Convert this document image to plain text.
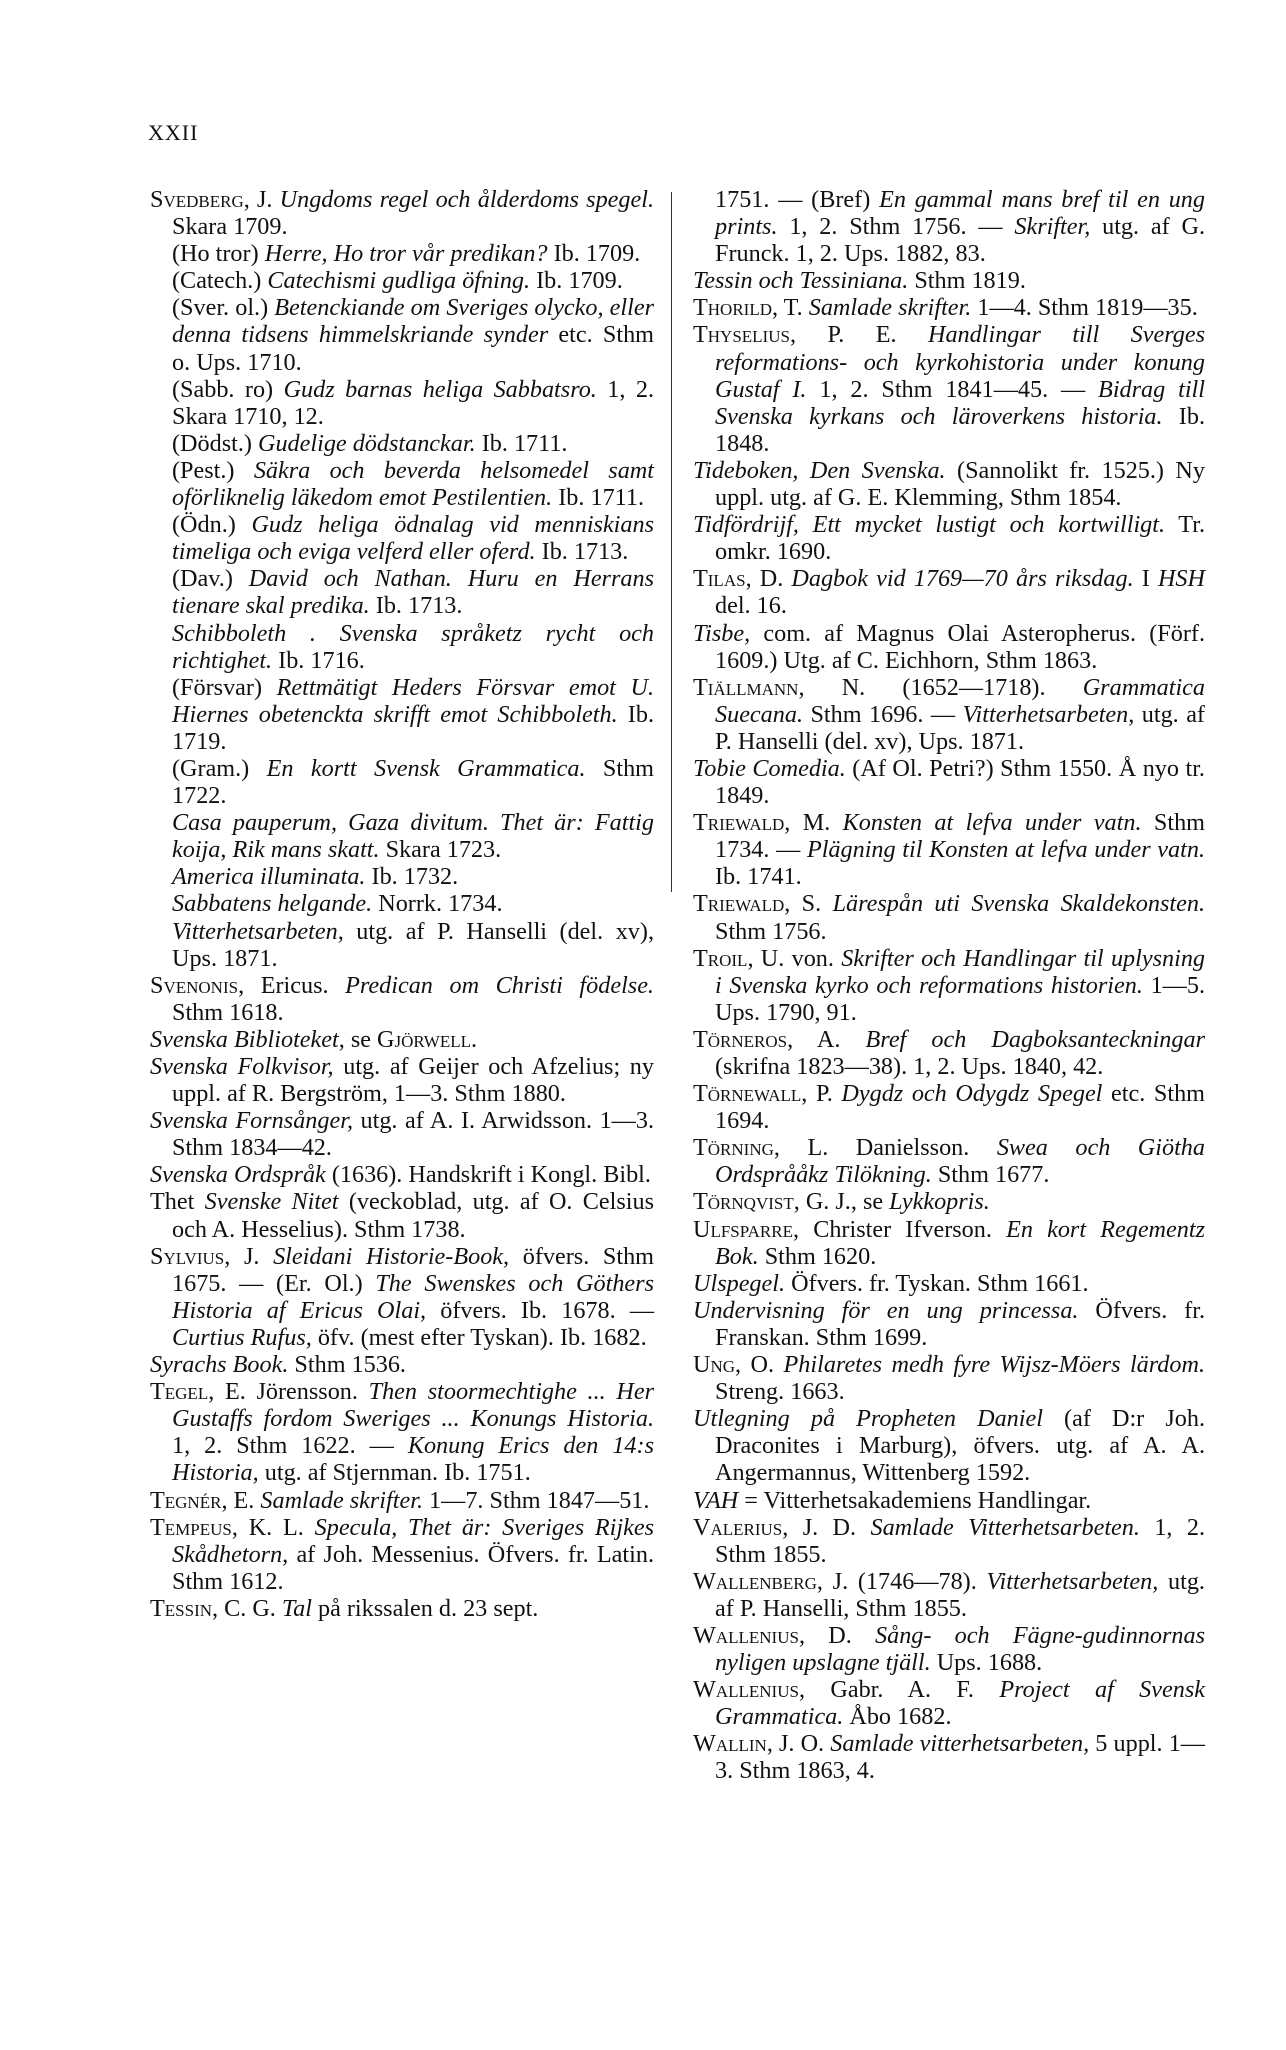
XXII
Svedberg, J. Ungdoms regel och ålderdoms spegel. Skara 1709.
(Ho tror) Herre, Ho tror vår predikan? Ib. 1709.
(Catech.) Catechismi gudliga öfning. Ib. 1709.
(Sver. ol.) Betenckiande om Sveriges olycko, eller denna tidsens himmelskriande synder etc. Sthm o. Ups. 1710.
(Sabb. ro) Gudz barnas heliga Sabbatsro. 1, 2. Skara 1710, 12.
(Dödst.) Gudelige dödstanckar. Ib. 1711.
(Pest.) Säkra och beverda helsomedel samt oförliknelig läkedom emot Pestilentien. Ib. 1711.
(Ödn.) Gudz heliga ödnalag vid menniskians timeliga och eviga velferd eller oferd. Ib. 1713.
(Dav.) David och Nathan. Huru en Herrans tienare skal predika. Ib. 1713.
Schibboleth . Svenska språketz rycht och richtighet. Ib. 1716.
(Försvar) Rettmätigt Heders Försvar emot U. Hiernes obetenckta skrifft emot Schibboleth. Ib. 1719.
(Gram.) En kortt Svensk Grammatica. Sthm 1722.
Casa pauperum, Gaza divitum. Thet är: Fattig koija, Rik mans skatt. Skara 1723.
America illuminata. Ib. 1732.
Sabbatens helgande. Norrk. 1734.
Vitterhetsarbeten, utg. af P. Hanselli (del. xv), Ups. 1871.
Svenonis, Ericus. Predican om Christi födelse. Sthm 1618.
Svenska Biblioteket, se Gjörwell.
Svenska Folkvisor, utg. af Geijer och Afzelius; ny uppl. af R. Bergström, 1—3. Sthm 1880.
Svenska Fornsånger, utg. af A. I. Arwidsson. 1—3. Sthm 1834—42.
Svenska Ordspråk (1636). Handskrift i Kongl. Bibl.
Thet Svenske Nitet (veckoblad, utg. af O. Celsius och A. Hesselius). Sthm 1738.
Sylvius, J. Sleidani Historie-Book, öfvers. Sthm 1675. — (Er. Ol.) The Swenskes och Göthers Historia af Ericus Olai, öfvers. Ib. 1678. — Curtius Rufus, öfv. (mest efter Tyskan). Ib. 1682.
Syrachs Book. Sthm 1536.
Tegel, E. Jörensson. Then stoormechtighe ... Her Gustaffs fordom Sweriges ... Konungs Historia. 1, 2. Sthm 1622. — Konung Erics den 14:s Historia, utg. af Stjernman. Ib. 1751.
Tegnér, E. Samlade skrifter. 1—7. Sthm 1847—51.
Tempeus, K. L. Specula, Thet är: Sveriges Rijkes Skådhetorn, af Joh. Messenius. Öfvers. fr. Latin. Sthm 1612.
Tessin, C. G. Tal på rikssalen d. 23 sept.
1751. — (Bref) En gammal mans bref til en ung prints. 1, 2. Sthm 1756. — Skrifter, utg. af G. Frunck. 1, 2. Ups. 1882, 83.
Tessin och Tessiniana. Sthm 1819.
Thorild, T. Samlade skrifter. 1—4. Sthm 1819—35.
Thyselius, P. E. Handlingar till Sverges reformations- och kyrkohistoria under konung Gustaf I. 1, 2. Sthm 1841—45. — Bidrag till Svenska kyrkans och läroverkens historia. Ib. 1848.
Tideboken, Den Svenska. (Sannolikt fr. 1525.) Ny uppl. utg. af G. E. Klemming, Sthm 1854.
Tidfördrijf, Ett mycket lustigt och kortwilligt. Tr. omkr. 1690.
Tilas, D. Dagbok vid 1769—70 års riksdag. I HSH del. 16.
Tisbe, com. af Magnus Olai Asteropherus. (Förf. 1609.) Utg. af C. Eichhorn, Sthm 1863.
Tiällmann, N. (1652—1718). Grammatica Suecana. Sthm 1696. — Vitterhetsarbeten, utg. af P. Hanselli (del. xv), Ups. 1871.
Tobie Comedia. (Af Ol. Petri?) Sthm 1550. Å nyo tr. 1849.
Triewald, M. Konsten at lefva under vatn. Sthm 1734. — Plägning til Konsten at lefva under vatn. Ib. 1741.
Triewald, S. Lärespån uti Svenska Skaldekonsten. Sthm 1756.
Troil, U. von. Skrifter och Handlingar til uplysning i Svenska kyrko och reformations historien. 1—5. Ups. 1790, 91.
Törneros, A. Bref och Dagboksanteckningar (skrifna 1823—38). 1, 2. Ups. 1840, 42.
Törnewall, P. Dygdz och Odygdz Spegel etc. Sthm 1694.
Törning, L. Danielsson. Swea och Giötha Ordsprååkz Tilökning. Sthm 1677.
Törnqvist, G. J., se Lykkopris.
Ulfsparre, Christer Ifverson. En kort Regementz Bok. Sthm 1620.
Ulspegel. Öfvers. fr. Tyskan. Sthm 1661.
Undervisning för en ung princessa. Öfvers. fr. Franskan. Sthm 1699.
Ung, O. Philaretes medh fyre Wijsz-Möers lärdom. Streng. 1663.
Utlegning på Propheten Daniel (af D:r Joh. Draconites i Marburg), öfvers. utg. af A. A. Angermannus, Wittenberg 1592.
VAH = Vitterhetsakademiens Handlingar.
Valerius, J. D. Samlade Vitterhetsarbeten. 1, 2. Sthm 1855.
Wallenberg, J. (1746—78). Vitterhetsarbeten, utg. af P. Hanselli, Sthm 1855.
Wallenius, D. Sång- och Fägne-gudinnornas nyligen upslagne tjäll. Ups. 1688.
Wallenius, Gabr. A. F. Project af Svensk Grammatica. Åbo 1682.
Wallin, J. O. Samlade vitterhetsarbeten, 5 uppl. 1—3. Sthm 1863, 4.
